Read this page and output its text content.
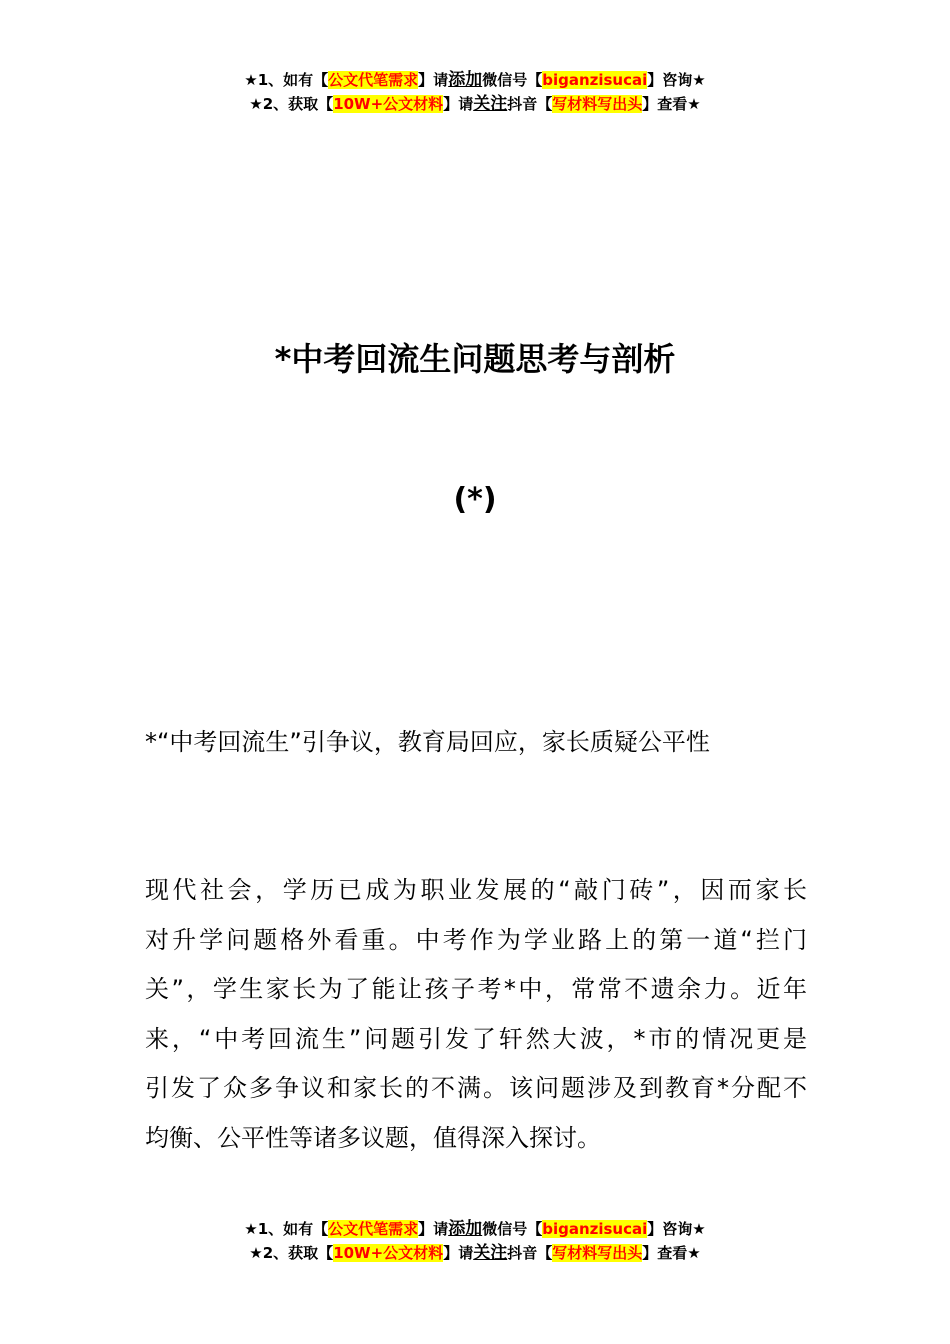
★1、如有【公文代笔需求】请添加微信号【biganzisucai】咨询★
★2、获取【10W+公文材料】请关注抖音【写材料写出头】查看★
*中考回流生问题思考与剖析
(*)
*“中考回流生”引争议，教育局回应，家长质疑公平性
现代社会，学历已成为职业发展的“敲门砖”，因而家长
对升学问题格外看重。中考作为学业路上的第一道“拦门
关”，学生家长为了能让孩子考*中，常常不遗余力。近年
来，“中考回流生”问题引发了轩然大波，*市的情况更是
引发了众多争议和家长的不满。该问题涉及到教育*分配不
均衡、公平性等诸多议题，值得深入探讨。
★1、如有【公文代笔需求】请添加微信号【biganzisucai】咨询★
★2、获取【10W+公文材料】请关注抖音【写材料写出头】查看★
